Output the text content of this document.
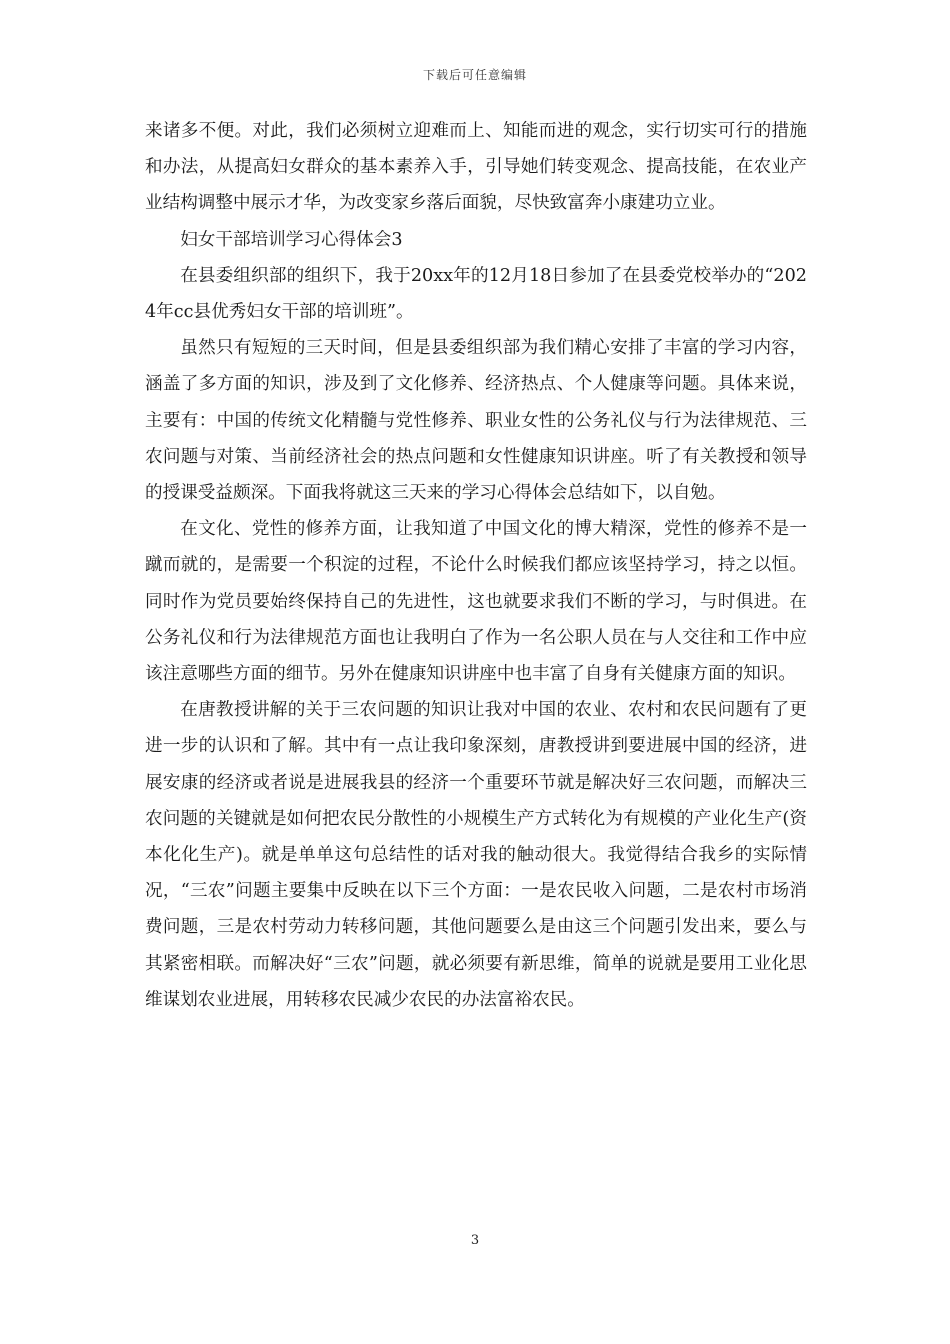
下载后可任意编辑

来诸多不便。对此，我们必须树立迎难而上、知能而进的观念，实行切实可行的措施和办法，从提高妇女群众的基本素养入手，引导她们转变观念、提高技能，在农业产业结构调整中展示才华，为改变家乡落后面貌，尽快致富奔小康建功立业。

妇女干部培训学习心得体会3

在县委组织部的组织下，我于20xx年的12月18日参加了在县委党校举办的“2024年cc县优秀妇女干部的培训班”。

虽然只有短短的三天时间，但是县委组织部为我们精心安排了丰富的学习内容，涵盖了多方面的知识，涉及到了文化修养、经济热点、个人健康等问题。具体来说，主要有：中国的传统文化精髓与党性修养、职业女性的公务礼仪与行为法律规范、三农问题与对策、当前经济社会的热点问题和女性健康知识讲座。听了有关教授和领导的授课受益颇深。下面我将就这三天来的学习心得体会总结如下，以自勉。

在文化、党性的修养方面，让我知道了中国文化的博大精深，党性的修养不是一蹴而就的，是需要一个积淀的过程，不论什么时候我们都应该坚持学习，持之以恒。同时作为党员要始终保持自己的先进性，这也就要求我们不断的学习，与时俱进。在公务礼仪和行为法律规范方面也让我明白了作为一名公职人员在与人交往和工作中应该注意哪些方面的细节。另外在健康知识讲座中也丰富了自身有关健康方面的知识。

在唐教授讲解的关于三农问题的知识让我对中国的农业、农村和农民问题有了更进一步的认识和了解。其中有一点让我印象深刻，唐教授讲到要进展中国的经济，进展安康的经济或者说是进展我县的经济一个重要环节就是解决好三农问题，而解决三农问题的关键就是如何把农民分散性的小规模生产方式转化为有规模的产业化生产(资本化化生产)。就是单单这句总结性的话对我的触动很大。我觉得结合我乡的实际情况，“三农”问题主要集中反映在以下三个方面：一是农民收入问题，二是农村市场消费问题，三是农村劳动力转移问题，其他问题要么是由这三个问题引发出来，要么与其紧密相联。而解决好“三农”问题，就必须要有新思维，简单的说就是要用工业化思维谋划农业进展，用转移农民减少农民的办法富裕农民。

3
